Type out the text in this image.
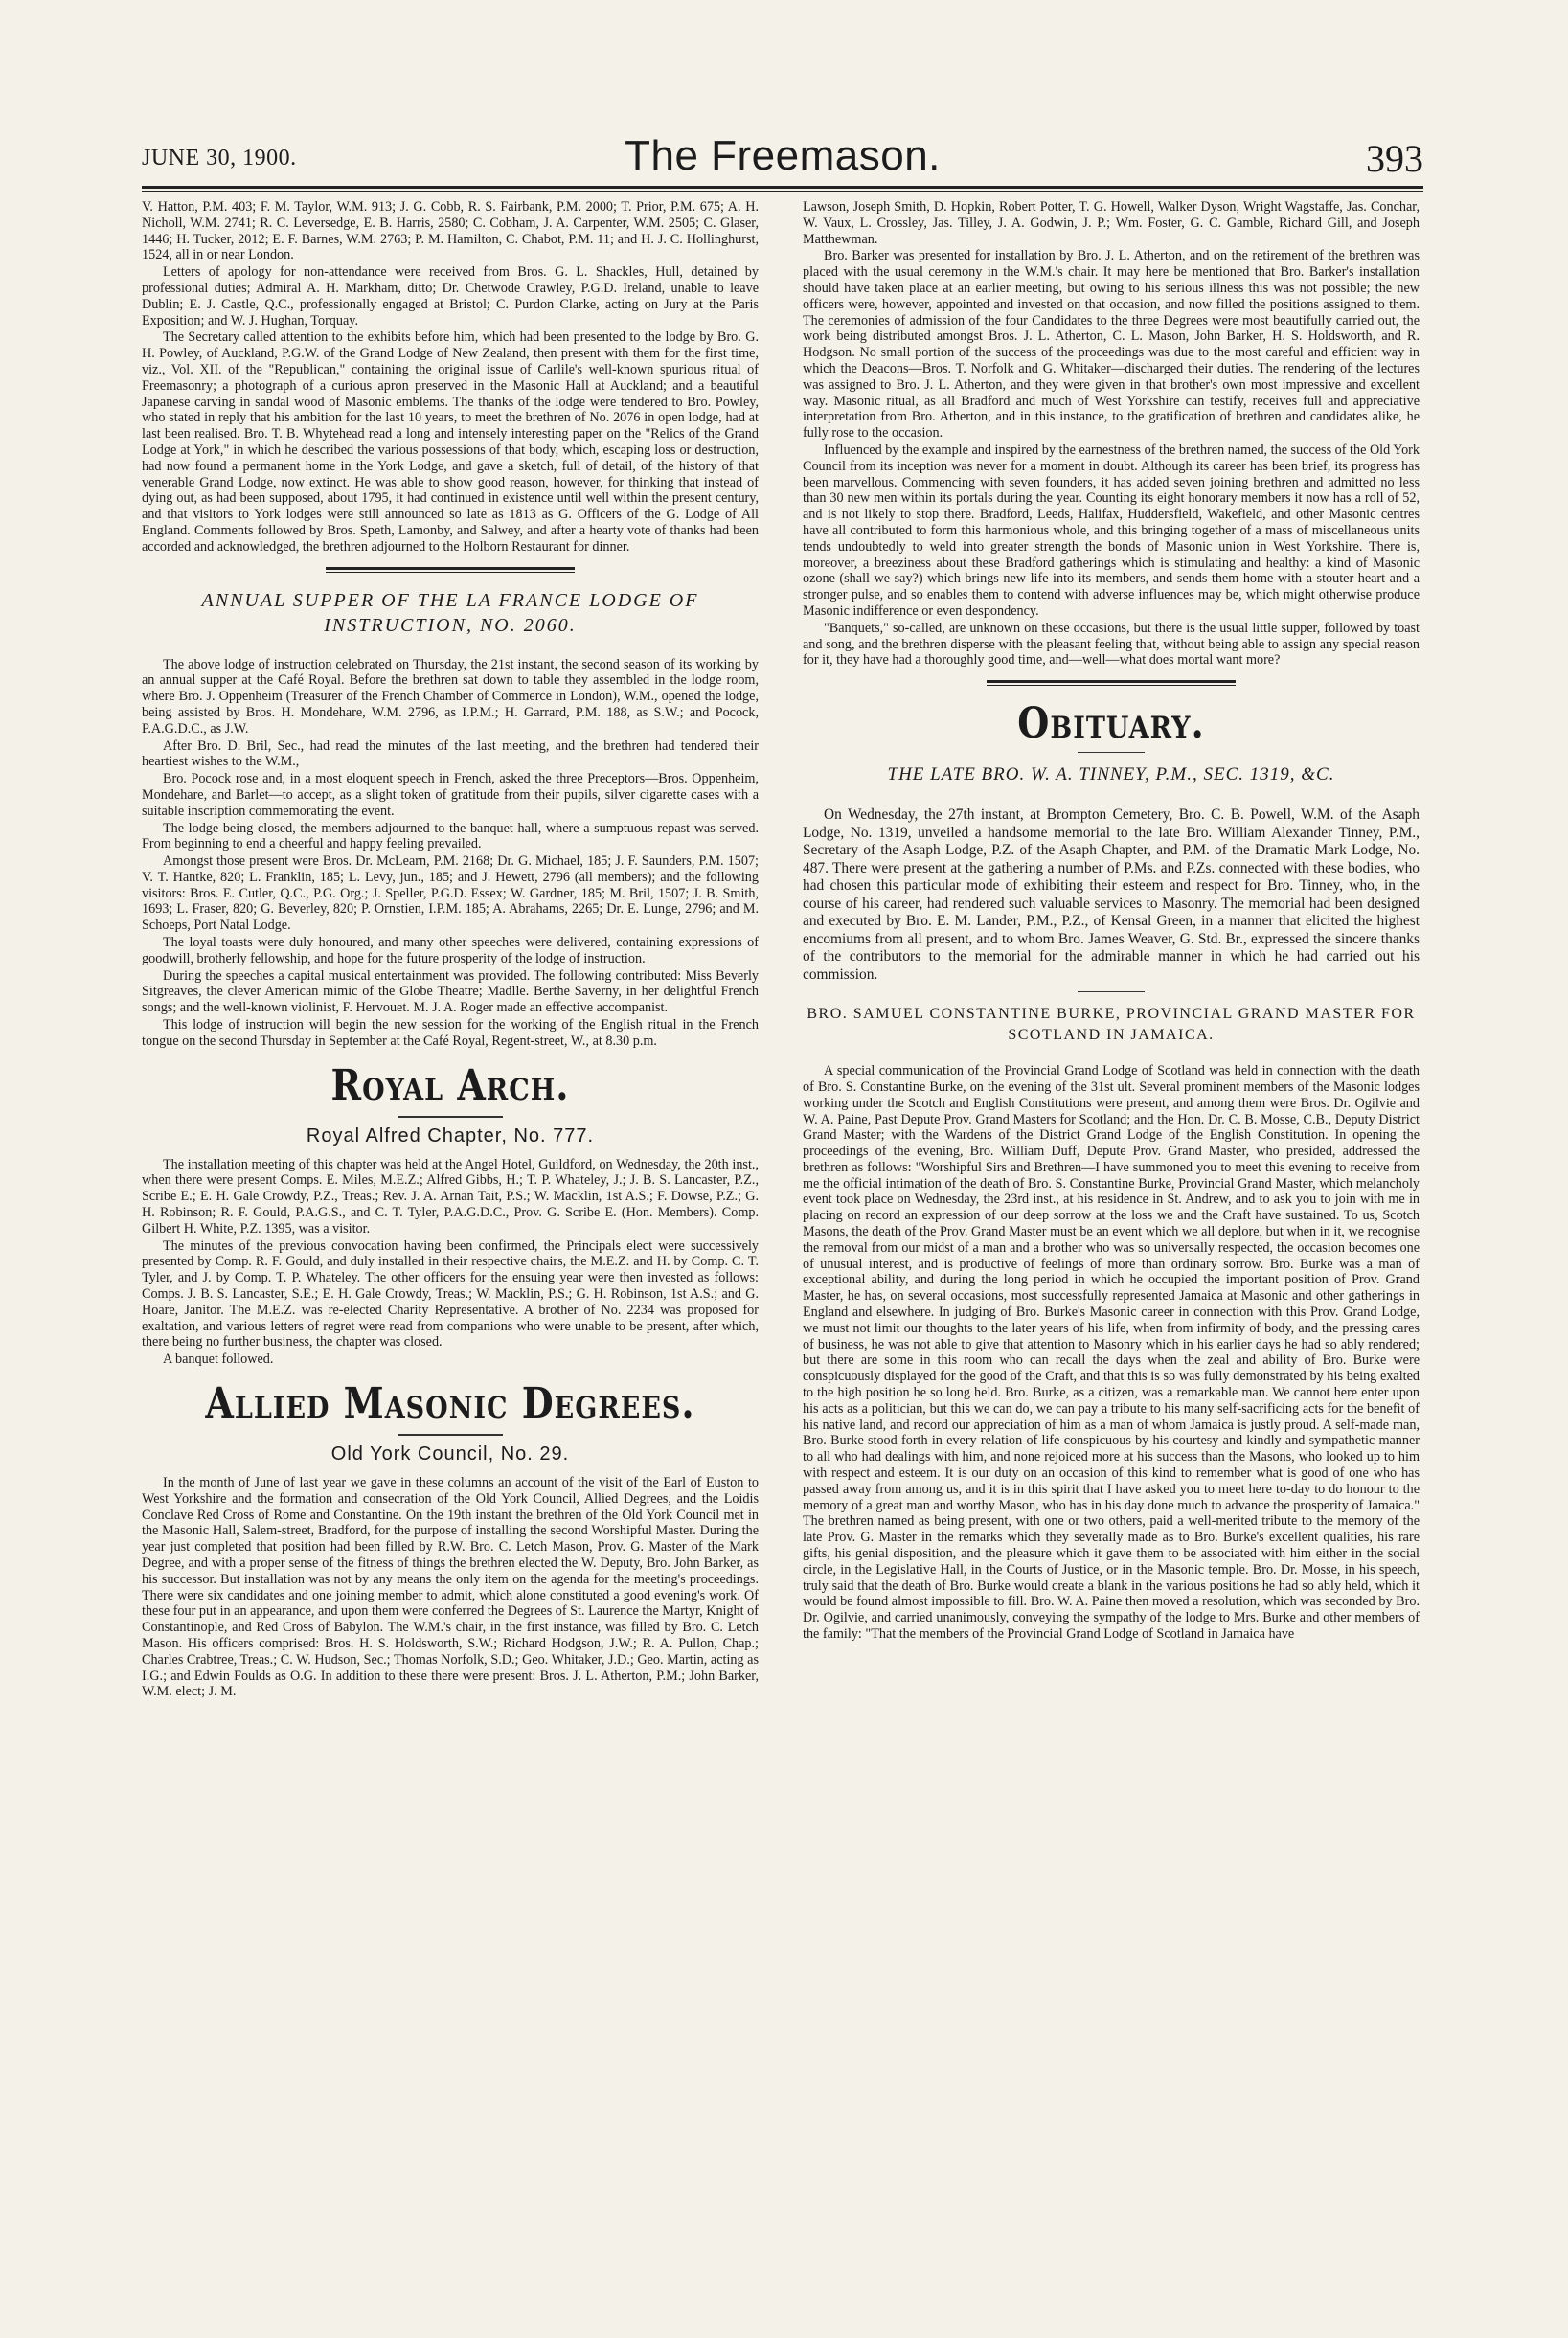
JUNE 30, 1900.	The Freemason.	393

V. Hatton, P.M. 403; F. M. Taylor, W.M. 913; J. G. Cobb, R. S. Fairbank, P.M. 2000; T. Prior, P.M. 675; A. H. Nicholl, W.M. 2741; R. C. Leversedge, E. B. Harris, 2580; C. Cobham, J. A. Carpenter, W.M. 2505; C. Glaser, 1446; H. Tucker, 2012; E. F. Barnes, W.M. 2763; P. M. Hamilton, C. Chabot, P.M. 11; and H. J. C. Hollinghurst, 1524, all in or near London.

Letters of apology for non-attendance were received from Bros. G. L. Shackles, Hull, detained by professional duties; Admiral A. H. Markham, ditto; Dr. Chetwode Crawley, P.G.D. Ireland, unable to leave Dublin; E. J. Castle, Q.C., professionally engaged at Bristol; C. Purdon Clarke, acting on Jury at the Paris Exposition; and W. J. Hughan, Torquay.

The Secretary called attention to the exhibits before him, which had been presented to the lodge by Bro. G. H. Powley, of Auckland, P.G.W. of the Grand Lodge of New Zealand, then present with them for the first time, viz., Vol. XII. of the "Republican," containing the original issue of Carlile's well-known spurious ritual of Freemasonry; a photograph of a curious apron preserved in the Masonic Hall at Auckland; and a beautiful Japanese carving in sandal wood of Masonic emblems. The thanks of the lodge were tendered to Bro. Powley, who stated in reply that his ambition for the last 10 years, to meet the brethren of No. 2076 in open lodge, had at last been realised. Bro. T. B. Whytehead read a long and intensely interesting paper on the "Relics of the Grand Lodge at York," in which he described the various possessions of that body, which, escaping loss or destruction, had now found a permanent home in the York Lodge, and gave a sketch, full of detail, of the history of that venerable Grand Lodge, now extinct. He was able to show good reason, however, for thinking that instead of dying out, as had been supposed, about 1795, it had continued in existence until well within the present century, and that visitors to York lodges were still announced so late as 1813 as G. Officers of the G. Lodge of All England. Comments followed by Bros. Speth, Lamonby, and Salwey, and after a hearty vote of thanks had been accorded and acknowledged, the brethren adjourned to the Holborn Restaurant for dinner.

ANNUAL SUPPER OF THE LA FRANCE LODGE OF INSTRUCTION, NO. 2060.

The above lodge of instruction celebrated on Thursday, the 21st instant, the second season of its working by an annual supper at the Café Royal. Before the brethren sat down to table they assembled in the lodge room, where Bro. J. Oppenheim (Treasurer of the French Chamber of Commerce in London), W.M., opened the lodge, being assisted by Bros. H. Mondehare, W.M. 2796, as I.P.M.; H. Garrard, P.M. 188, as S.W.; and Pocock, P.A.G.D.C., as J.W.

After Bro. D. Bril, Sec., had read the minutes of the last meeting, and the brethren had tendered their heartiest wishes to the W.M.,

Bro. Pocock rose and, in a most eloquent speech in French, asked the three Preceptors—Bros. Oppenheim, Mondehare, and Barlet—to accept, as a slight token of gratitude from their pupils, silver cigarette cases with a suitable inscription commemorating the event.

The lodge being closed, the members adjourned to the banquet hall, where a sumptuous repast was served. From beginning to end a cheerful and happy feeling prevailed.

Amongst those present were Bros. Dr. McLearn, P.M. 2168; Dr. G. Michael, 185; J. F. Saunders, P.M. 1507; V. T. Hantke, 820; L. Franklin, 185; L. Levy, jun., 185; and J. Hewett, 2796 (all members); and the following visitors: Bros. E. Cutler, Q.C., P.G. Org.; J. Speller, P.G.D. Essex; W. Gardner, 185; M. Bril, 1507; J. B. Smith, 1693; L. Fraser, 820; G. Beverley, 820; P. Ornstien, I.P.M. 185; A. Abrahams, 2265; Dr. E. Lunge, 2796; and M. Schoeps, Port Natal Lodge.

The loyal toasts were duly honoured, and many other speeches were delivered, containing expressions of goodwill, brotherly fellowship, and hope for the future prosperity of the lodge of instruction.

During the speeches a capital musical entertainment was provided. The following contributed: Miss Beverly Sitgreaves, the clever American mimic of the Globe Theatre; Madlle. Berthe Saverny, in her delightful French songs; and the well-known violinist, F. Hervouet. M. J. A. Roger made an effective accompanist.

This lodge of instruction will begin the new session for the working of the English ritual in the French tongue on the second Thursday in September at the Café Royal, Regent-street, W., at 8.30 p.m.

Royal Arch.
Royal Alfred Chapter, No. 777.

The installation meeting of this chapter was held at the Angel Hotel, Guildford, on Wednesday, the 20th inst., when there were present Comps. E. Miles, M.E.Z.; Alfred Gibbs, H.; T. P. Whateley, J.; J. B. S. Lancaster, P.Z., Scribe E.; E. H. Gale Crowdy, P.Z., Treas.; Rev. J. A. Arnan Tait, P.S.; W. Macklin, 1st A.S.; F. Dowse, P.Z.; G. H. Robinson; R. F. Gould, P.A.G.S., and C. T. Tyler, P.A.G.D.C., Prov. G. Scribe E. (Hon. Members). Comp. Gilbert H. White, P.Z. 1395, was a visitor.

The minutes of the previous convocation having been confirmed, the Principals elect were successively presented by Comp. R. F. Gould, and duly installed in their respective chairs, the M.E.Z. and H. by Comp. C. T. Tyler, and J. by Comp. T. P. Whateley. The other officers for the ensuing year were then invested as follows: Comps. J. B. S. Lancaster, S.E.; E. H. Gale Crowdy, Treas.; W. Macklin, P.S.; G. H. Robinson, 1st A.S.; and G. Hoare, Janitor. The M.E.Z. was re-elected Charity Representative. A brother of No. 2234 was proposed for exaltation, and various letters of regret were read from companions who were unable to be present, after which, there being no further business, the chapter was closed.

A banquet followed.

Allied Masonic Degrees.
Old York Council, No. 29.

In the month of June of last year we gave in these columns an account of the visit of the Earl of Euston to West Yorkshire and the formation and consecration of the Old York Council, Allied Degrees, and the Loidis Conclave Red Cross of Rome and Constantine. On the 19th instant the brethren of the Old York Council met in the Masonic Hall, Salem-street, Bradford, for the purpose of installing the second Worshipful Master. During the year just completed that position had been filled by R.W. Bro. C. Letch Mason, Prov. G. Master of the Mark Degree, and with a proper sense of the fitness of things the brethren elected the W. Deputy, Bro. John Barker, as his successor. But installation was not by any means the only item on the agenda for the meeting's proceedings. There were six candidates and one joining member to admit, which alone constituted a good evening's work. Of these four put in an appearance, and upon them were conferred the Degrees of St. Laurence the Martyr, Knight of Constantinople, and Red Cross of Babylon. The W.M.'s chair, in the first instance, was filled by Bro. C. Letch Mason. His officers comprised: Bros. H. S. Holdsworth, S.W.; Richard Hodgson, J.W.; R. A. Pullon, Chap.; Charles Crabtree, Treas.; C. W. Hudson, Sec.; Thomas Norfolk, S.D.; Geo. Whitaker, J.D.; Geo. Martin, acting as I.G.; and Edwin Foulds as O.G. In addition to these there were present: Bros. J. L. Atherton, P.M.; John Barker, W.M. elect; J. M.

Lawson, Joseph Smith, D. Hopkin, Robert Potter, T. G. Howell, Walker Dyson, Wright Wagstaffe, Jas. Conchar, W. Vaux, L. Crossley, Jas. Tilley, J. A. Godwin, J. P.; Wm. Foster, G. C. Gamble, Richard Gill, and Joseph Matthewman.

Bro. Barker was presented for installation by Bro. J. L. Atherton, and on the retirement of the brethren was placed with the usual ceremony in the W.M.'s chair. It may here be mentioned that Bro. Barker's installation should have taken place at an earlier meeting, but owing to his serious illness this was not possible; the new officers were, however, appointed and invested on that occasion, and now filled the positions assigned to them. The ceremonies of admission of the four Candidates to the three Degrees were most beautifully carried out, the work being distributed amongst Bros. J. L. Atherton, C. L. Mason, John Barker, H. S. Holdsworth, and R. Hodgson. No small portion of the success of the proceedings was due to the most careful and efficient way in which the Deacons—Bros. T. Norfolk and G. Whitaker—discharged their duties. The rendering of the lectures was assigned to Bro. J. L. Atherton, and they were given in that brother's own most impressive and excellent way. Masonic ritual, as all Bradford and much of West Yorkshire can testify, receives full and appreciative interpretation from Bro. Atherton, and in this instance, to the gratification of brethren and candidates alike, he fully rose to the occasion.

Influenced by the example and inspired by the earnestness of the brethren named, the success of the Old York Council from its inception was never for a moment in doubt. Although its career has been brief, its progress has been marvellous. Commencing with seven founders, it has added seven joining brethren and admitted no less than 30 new men within its portals during the year. Counting its eight honorary members it now has a roll of 52, and is not likely to stop there. Bradford, Leeds, Halifax, Huddersfield, Wakefield, and other Masonic centres have all contributed to form this harmonious whole, and this bringing together of a mass of miscellaneous units tends undoubtedly to weld into greater strength the bonds of Masonic union in West Yorkshire. There is, moreover, a breeziness about these Bradford gatherings which is stimulating and healthy: a kind of Masonic ozone (shall we say?) which brings new life into its members, and sends them home with a stouter heart and a stronger pulse, and so enables them to contend with adverse influences may be, which might otherwise produce Masonic indifference or even despondency.

"Banquets," so-called, are unknown on these occasions, but there is the usual little supper, followed by toast and song, and the brethren disperse with the pleasant feeling that, without being able to assign any special reason for it, they have had a thoroughly good time, and—well—what does mortal want more?

Obituary.
THE LATE BRO. W. A. TINNEY, P.M., SEC. 1319, &C.

On Wednesday, the 27th instant, at Brompton Cemetery, Bro. C. B. Powell, W.M. of the Asaph Lodge, No. 1319, unveiled a handsome memorial to the late Bro. William Alexander Tinney, P.M., Secretary of the Asaph Lodge, P.Z. of the Asaph Chapter, and P.M. of the Dramatic Mark Lodge, No. 487. There were present at the gathering a number of P.Ms. and P.Zs. connected with these bodies, who had chosen this particular mode of exhibiting their esteem and respect for Bro. Tinney, who, in the course of his career, had rendered such valuable services to Masonry. The memorial had been designed and executed by Bro. E. M. Lander, P.M., P.Z., of Kensal Green, in a manner that elicited the highest encomiums from all present, and to whom Bro. James Weaver, G. Std. Br., expressed the sincere thanks of the contributors to the memorial for the admirable manner in which he had carried out his commission.

BRO. SAMUEL CONSTANTINE BURKE, PROVINCIAL GRAND MASTER FOR SCOTLAND IN JAMAICA.

A special communication of the Provincial Grand Lodge of Scotland was held in connection with the death of Bro. S. Constantine Burke, on the evening of the 31st ult. Several prominent members of the Masonic lodges working under the Scotch and English Constitutions were present, and among them were Bros. Dr. Ogilvie and W. A. Paine, Past Depute Prov. Grand Masters for Scotland; and the Hon. Dr. C. B. Mosse, C.B., Deputy District Grand Master; with the Wardens of the District Grand Lodge of the English Constitution. In opening the proceedings of the evening, Bro. William Duff, Depute Prov. Grand Master, who presided, addressed the brethren as follows: "Worshipful Sirs and Brethren—I have summoned you to meet this evening to receive from me the official intimation of the death of Bro. S. Constantine Burke, Provincial Grand Master, which melancholy event took place on Wednesday, the 23rd inst., at his residence in St. Andrew, and to ask you to join with me in placing on record an expression of our deep sorrow at the loss we and the Craft have sustained. To us, Scotch Masons, the death of the Prov. Grand Master must be an event which we all deplore, but when in it, we recognise the removal from our midst of a man and a brother who was so universally respected, the occasion becomes one of unusual interest, and is productive of feelings of more than ordinary sorrow. Bro. Burke was a man of exceptional ability, and during the long period in which he occupied the important position of Prov. Grand Master, he has, on several occasions, most successfully represented Jamaica at Masonic and other gatherings in England and elsewhere. In judging of Bro. Burke's Masonic career in connection with this Prov. Grand Lodge, we must not limit our thoughts to the later years of his life, when from infirmity of body, and the pressing cares of business, he was not able to give that attention to Masonry which in his earlier days he had so ably rendered; but there are some in this room who can recall the days when the zeal and ability of Bro. Burke were conspicuously displayed for the good of the Craft, and that this is so was fully demonstrated by his being exalted to the high position he so long held. Bro. Burke, as a citizen, was a remarkable man. We cannot here enter upon his acts as a politician, but this we can do, we can pay a tribute to his many self-sacrificing acts for the benefit of his native land, and record our appreciation of him as a man of whom Jamaica is justly proud. A self-made man, Bro. Burke stood forth in every relation of life conspicuous by his courtesy and kindly and sympathetic manner to all who had dealings with him, and none rejoiced more at his success than the Masons, who looked up to him with respect and esteem. It is our duty on an occasion of this kind to remember what is good of one who has passed away from among us, and it is in this spirit that I have asked you to meet here to-day to do honour to the memory of a great man and worthy Mason, who has in his day done much to advance the prosperity of Jamaica." The brethren named as being present, with one or two others, paid a well-merited tribute to the memory of the late Prov. G. Master in the remarks which they severally made as to Bro. Burke's excellent qualities, his rare gifts, his genial disposition, and the pleasure which it gave them to be associated with him either in the social circle, in the Legislative Hall, in the Courts of Justice, or in the Masonic temple. Bro. Dr. Mosse, in his speech, truly said that the death of Bro. Burke would create a blank in the various positions he had so ably held, which it would be found almost impossible to fill. Bro. W. A. Paine then moved a resolution, which was seconded by Bro. Dr. Ogilvie, and carried unanimously, conveying the sympathy of the lodge to Mrs. Burke and other members of the family: "That the members of the Provincial Grand Lodge of Scotland in Jamaica have
